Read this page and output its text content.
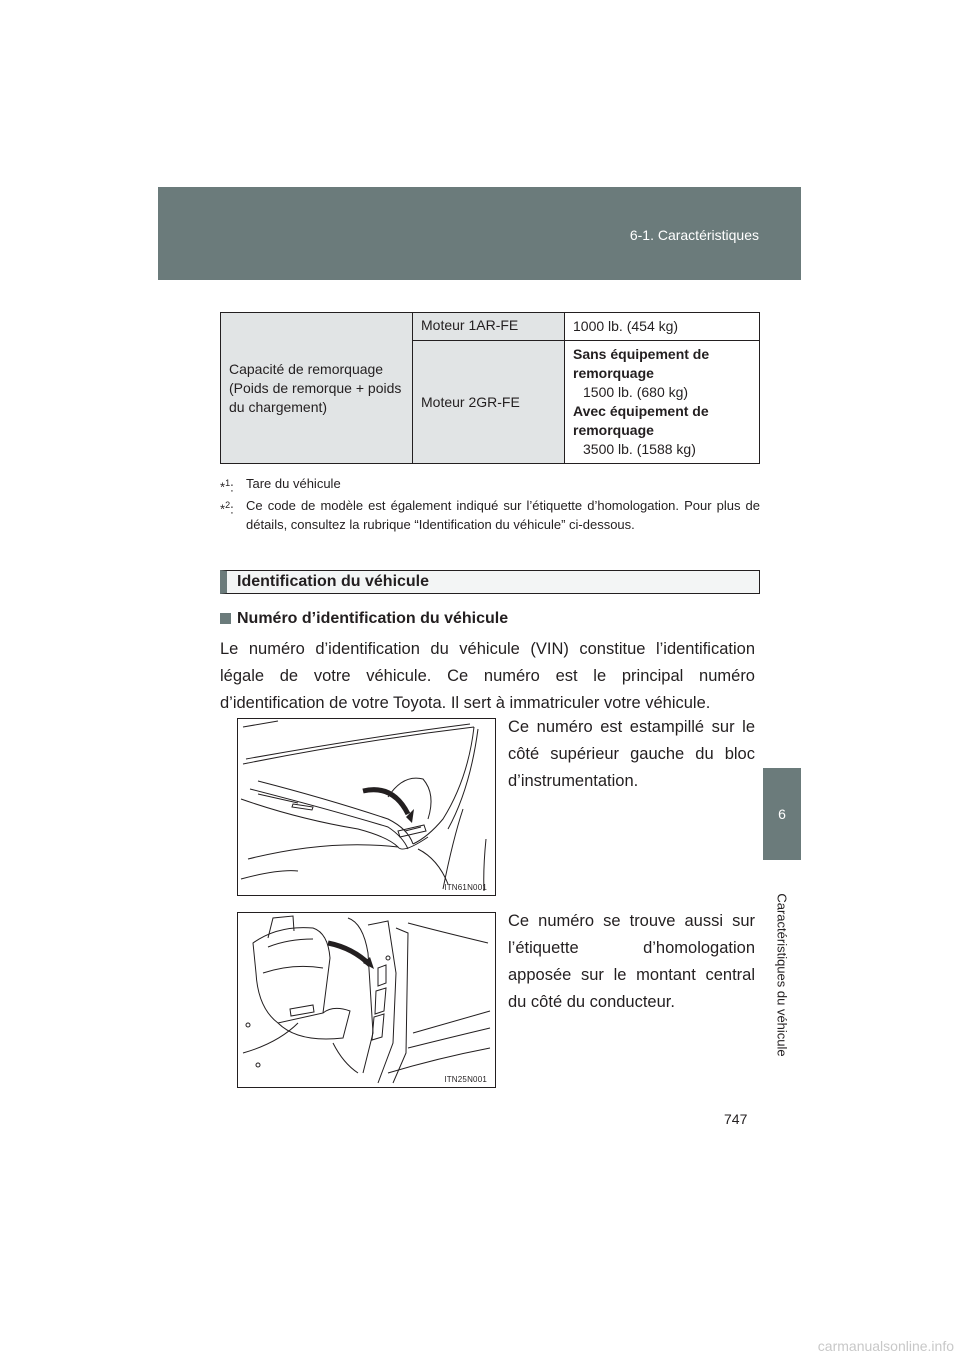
6-1. Caractéristiques
6
Caractéristiques du véhicule
Capacité de remorquage (Poids de remorque + poids du chargement)	Moteur 1AR-FE	1000 lb. (454 kg)
	Moteur 2GR-FE	Sans équipement de remorquage
1500 lb. (680 kg)
Avec équipement de remorquage
3500 lb. (1588 kg)
*$^1$: Tare du véhicule
*$^2$: Ce code de modèle est également indiqué sur l’étiquette d’homologation. Pour plus de détails, consultez la rubrique “Identification du véhicule” ci-dessous.
Identification du véhicule
Numéro d’identification du véhicule
Le numéro d’identification du véhicule (VIN) constitue l’identification légale de votre véhicule. Ce numéro est le principal numéro d’identification de votre Toyota. Il sert à immatriculer votre véhicule.
ITN61N001
Ce numéro est estampillé sur le côté supérieur gauche du bloc d’instrumentation.
ITN25N001
Ce numéro se trouve aussi sur l’étiquette d’homologation apposée sur le montant central du côté du conducteur.
747
carmanualsonline.info
